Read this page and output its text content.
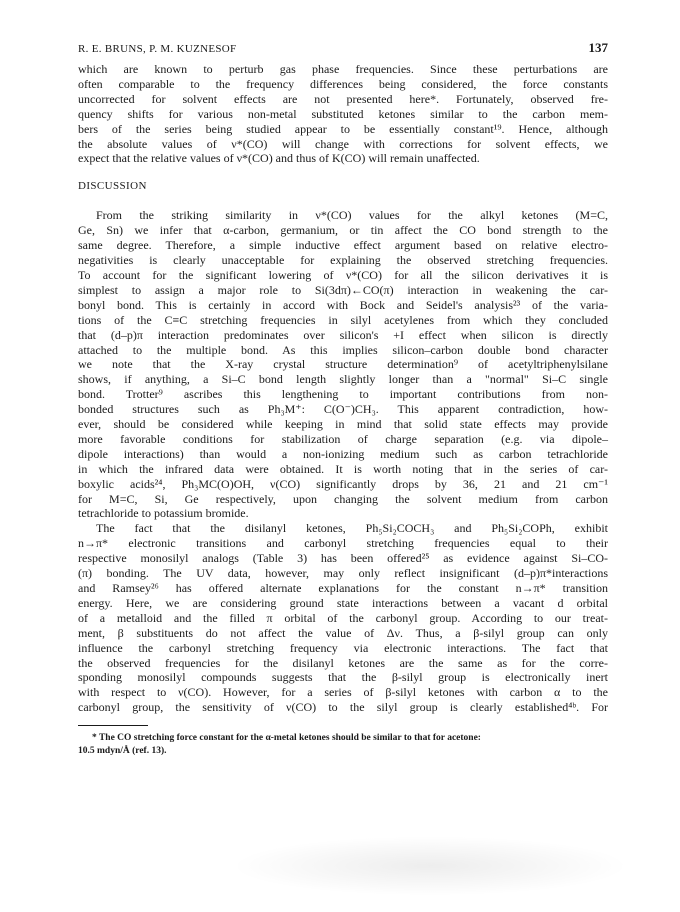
R. E. BRUNS, P. M. KUZNESOF	137
which are known to perturb gas phase frequencies. Since these perturbations are
often comparable to the frequency differences being considered, the force constants
uncorrected for solvent effects are not presented here*. Fortunately, observed fre-
quency shifts for various non-metal substituted ketones similar to the carbon mem-
bers of the series being studied appear to be essentially constant¹⁹. Hence, although
the absolute values of ν*(CO) will change with corrections for solvent effects, we
expect that the relative values of ν*(CO) and thus of K(CO) will remain unaffected.
DISCUSSION
From the striking similarity in ν*(CO) values for the alkyl ketones (M=C,
Ge, Sn) we infer that α-carbon, germanium, or tin affect the CO bond strength to the
same degree. Therefore, a simple inductive effect argument based on relative electro-
negativities is clearly unacceptable for explaining the observed stretching frequencies.
To account for the significant lowering of ν*(CO) for all the silicon derivatives it is
simplest to assign a major role to Si(3dπ)←CO(π) interaction in weakening the car-
bonyl bond. This is certainly in accord with Bock and Seidel's analysis²³ of the varia-
tions of the C≡C stretching frequencies in silyl acetylenes from which they concluded
that (d–p)π interaction predominates over silicon's +I effect when silicon is directly
attached to the multiple bond. As this implies silicon–carbon double bond character
we note that the X-ray crystal structure determination⁹ of acetyltriphenylsilane
shows, if anything, a Si–C bond length slightly longer than a "normal" Si–C single
bond. Trotter⁹ ascribes this lengthening to important contributions from non-
bonded structures such as Ph₃M⁺: C(O⁻)CH₃. This apparent contradiction, how-
ever, should be considered while keeping in mind that solid state effects may provide
more favorable conditions for stabilization of charge separation (e.g. via dipole–
dipole interactions) than would a non-ionizing medium such as carbon tetrachloride
in which the infrared data were obtained. It is worth noting that in the series of car-
boxylic acids²⁴, Ph₃MC(O)OH, ν(CO) significantly drops by 36, 21 and 21 cm⁻¹
for M=C, Si, Ge respectively, upon changing the solvent medium from carbon
tetrachloride to potassium bromide.
The fact that the disilanyl ketones, Ph₅Si₂COCH₃ and Ph₅Si₂COPh, exhibit
n→π* electronic transitions and carbonyl stretching frequencies equal to their
respective monosilyl analogs (Table 3) has been offered²⁵ as evidence against Si–CO-
(π) bonding. The UV data, however, may only reflect insignificant (d–p)π*interactions
and Ramsey²⁶ has offered alternate explanations for the constant n→π* transition
energy. Here, we are considering ground state interactions between a vacant d orbital
of a metalloid and the filled π orbital of the carbonyl group. According to our treat-
ment, β substituents do not affect the value of Δν. Thus, a β-silyl group can only
influence the carbonyl stretching frequency via electronic interactions. The fact that
the observed frequencies for the disilanyl ketones are the same as for the corre-
sponding monosilyl compounds suggests that the β-silyl group is electronically inert
with respect to ν(CO). However, for a series of β-silyl ketones with carbon α to the
carbonyl group, the sensitivity of ν(CO) to the silyl group is clearly established⁴ᵇ. For
* The CO stretching force constant for the α-metal ketones should be similar to that for acetone:
10.5 mdyn/Å (ref. 13).
